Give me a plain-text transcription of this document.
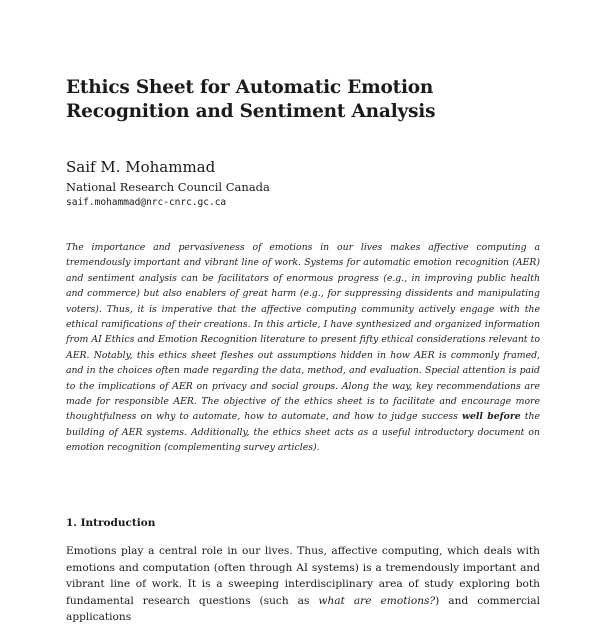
Ethics Sheet for Automatic Emotion Recognition and Sentiment Analysis

Saif M. Mohammad

National Research Council Canada

saif.mohammad@nrc-cnrc.gc.ca

The importance and pervasiveness of emotions in our lives makes affective computing a tremendously important and vibrant line of work. Systems for automatic emotion recognition (AER) and sentiment analysis can be facilitators of enormous progress (e.g., in improving public health and commerce) but also enablers of great harm (e.g., for suppressing dissidents and manipulating voters). Thus, it is imperative that the affective computing community actively engage with the ethical ramifications of their creations. In this article, I have synthesized and organized information from AI Ethics and Emotion Recognition literature to present fifty ethical considerations relevant to AER. Notably, this ethics sheet fleshes out assumptions hidden in how AER is commonly framed, and in the choices often made regarding the data, method, and evaluation. Special attention is paid to the implications of AER on privacy and social groups. Along the way, key recommendations are made for responsible AER. The objective of the ethics sheet is to facilitate and encourage more thoughtfulness on why to automate, how to automate, and how to judge success well before the building of AER systems. Additionally, the ethics sheet acts as a useful introductory document on emotion recognition (complementing survey articles).

1. Introduction

Emotions play a central role in our lives. Thus, affective computing, which deals with emotions and computation (often through AI systems) is a tremendously important and vibrant line of work. It is a sweeping interdisciplinary area of study exploring both fundamental research questions (such as what are emotions?) and commercial applications
